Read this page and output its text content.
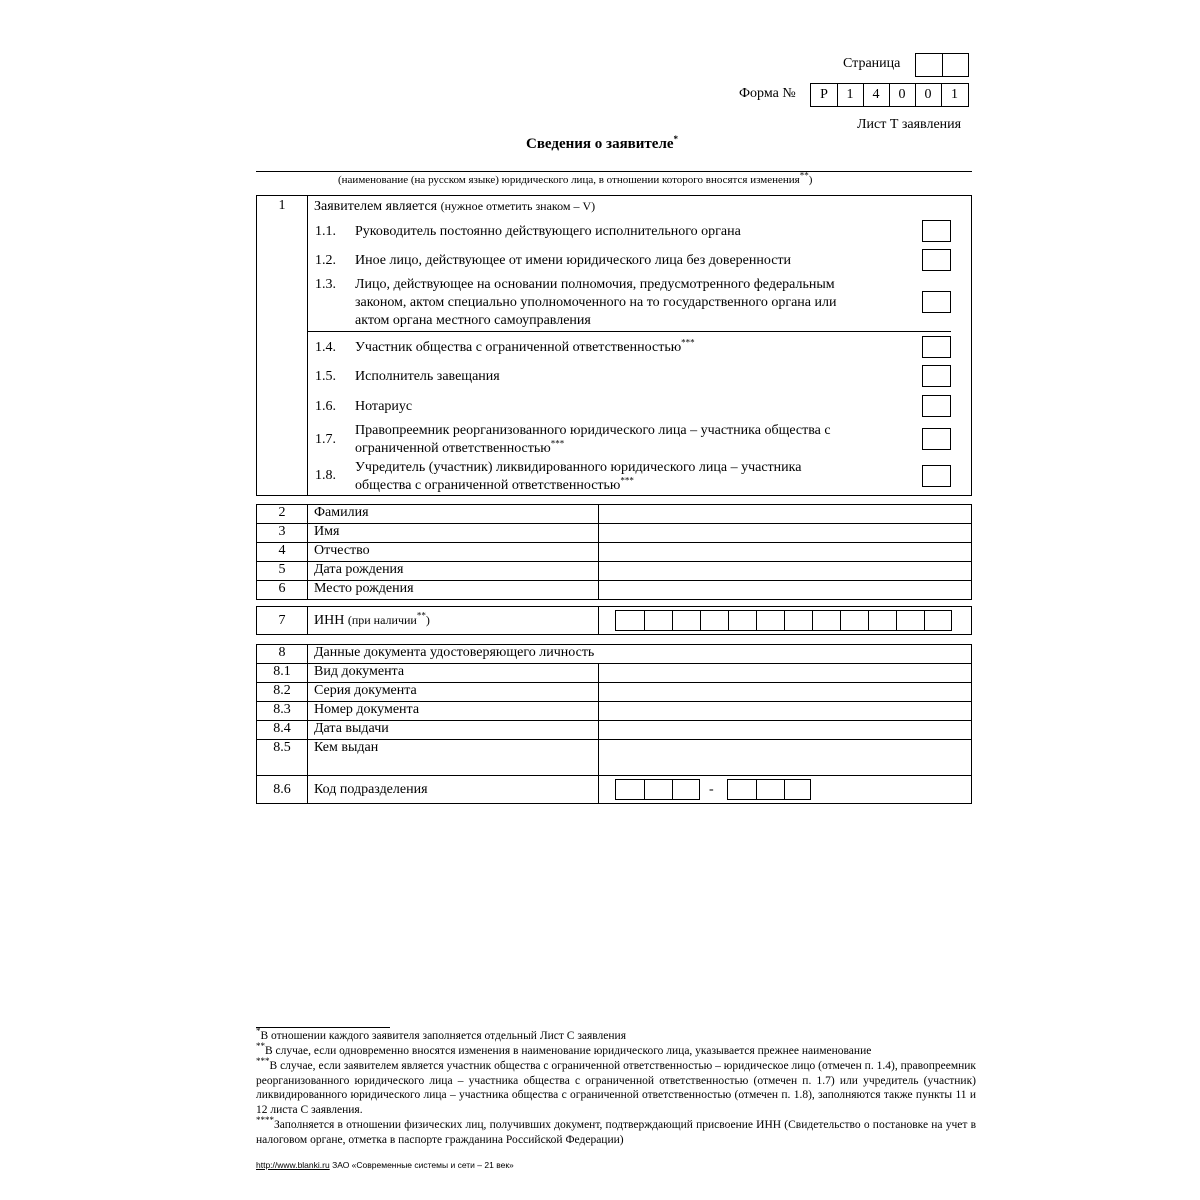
Страница
Форма №	Р	1	4	0	0	1
Лист Т заявления
Сведения о заявителе*
(наименование (на русском языке) юридического лица, в отношении которого вносятся изменения**)
1	Заявителем является (нужное отметить знаком – V)
1.1. Руководитель постоянно действующего исполнительного органа
1.2. Иное лицо, действующее от имени юридического лица без доверенности
1.3. Лицо, действующее на основании полномочия, предусмотренного федеральным
законом, актом специально уполномоченного на то государственного органа или
актом органа местного самоуправления
1.4. Участник общества с ограниченной ответственностью***
1.5. Исполнитель завещания
1.6. Нотариус
1.7.
Правопреемник реорганизованного юридического лица – участника общества с
ограниченной ответственностью***
1.8.
Учредитель (участник) ликвидированного юридического лица – участника
общества с ограниченной ответственностью***
2	Фамилия
3	Имя
4	Отчество
5	Дата рождения
6	Место рождения
7	ИНН (при наличии**)
8	Данные документа удостоверяющего личность
8.1	Вид документа
8.2	Серия документа
8.3	Номер документа
8.4	Дата выдачи
8.5	Кем выдан
8.6	Код подразделения	-
*В отношении каждого заявителя заполняется отдельный Лист С заявления
**В случае, если одновременно вносятся изменения в наименование юридического лица, указывается прежнее наименование
***В случае, если заявителем является участник общества с ограниченной ответственностью – юридическое лицо (отмечен п. 1.4), правопреемник реорганизованного юридического лица – участника общества с ограниченной ответственностью (отмечен п. 1.7) или учредитель (участник) ликвидированного юридического лица – участника общества с ограниченной ответственностью (отмечен п. 1.8), заполняются также пункты 11 и 12 листа С заявления.
****Заполняется в отношении физических лиц, получивших документ, подтверждающий присвоение ИНН (Свидетельство о постановке на учет в налоговом органе, отметка в паспорте гражданина Российской Федерации)
http://www.blanki.ru ЗАО «Современные системы и сети – 21 век»
